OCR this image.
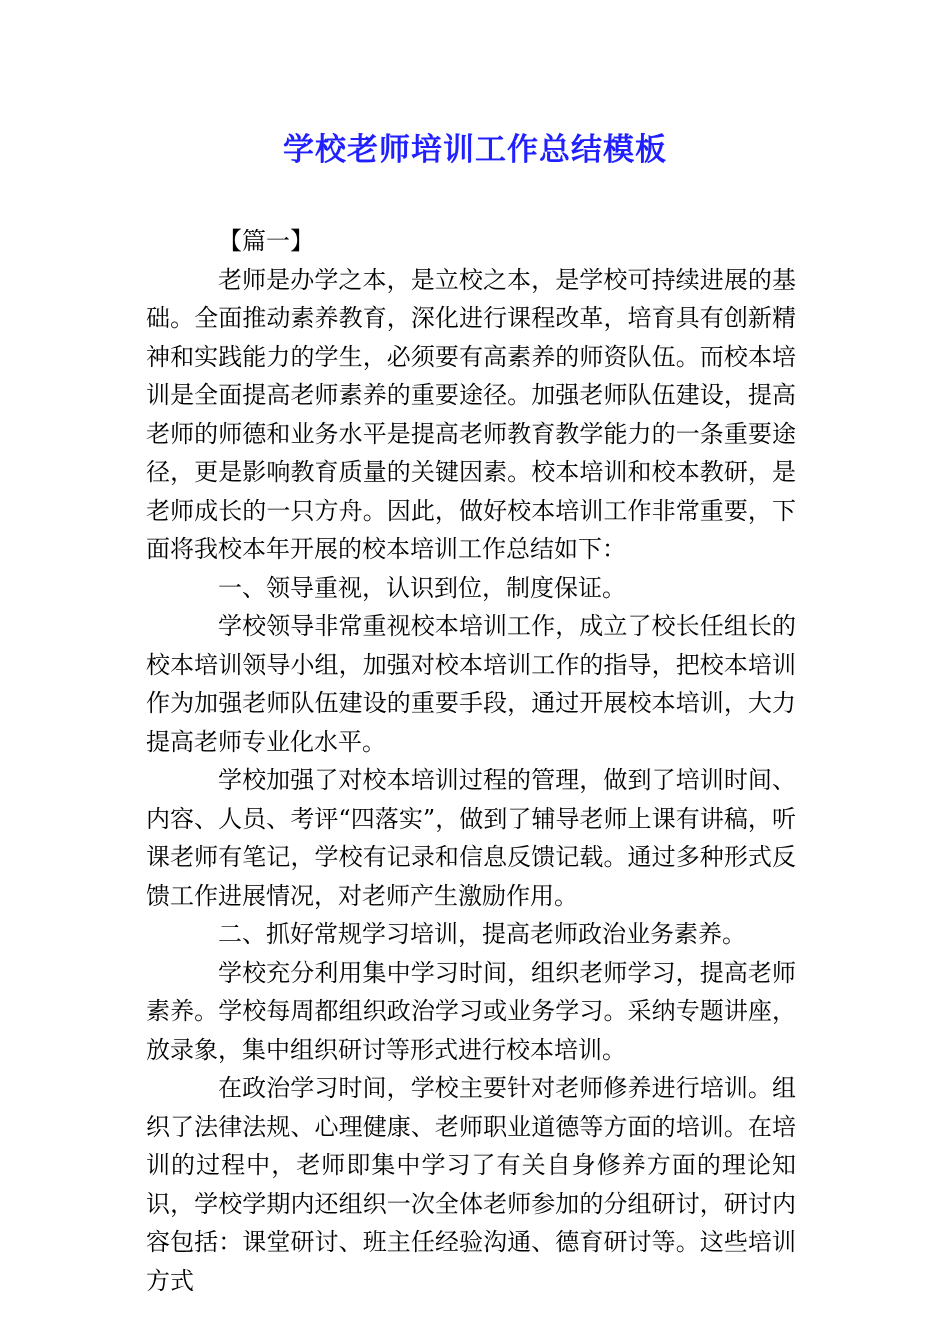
学校老师培训工作总结模板

【篇一】

老师是办学之本，是立校之本，是学校可持续进展的基础。全面推动素养教育，深化进行课程改革，培育具有创新精神和实践能力的学生，必须要有高素养的师资队伍。而校本培训是全面提高老师素养的重要途径。加强老师队伍建设，提高老师的师德和业务水平是提高老师教育教学能力的一条重要途径，更是影响教育质量的关键因素。校本培训和校本教研，是老师成长的一只方舟。因此，做好校本培训工作非常重要，下面将我校本年开展的校本培训工作总结如下：

一、领导重视，认识到位，制度保证。

学校领导非常重视校本培训工作，成立了校长任组长的校本培训领导小组，加强对校本培训工作的指导，把校本培训作为加强老师队伍建设的重要手段，通过开展校本培训，大力提高老师专业化水平。

学校加强了对校本培训过程的管理，做到了培训时间、内容、人员、考评“四落实”，做到了辅导老师上课有讲稿，听课老师有笔记，学校有记录和信息反馈记载。通过多种形式反馈工作进展情况，对老师产生激励作用。

二、抓好常规学习培训，提高老师政治业务素养。

学校充分利用集中学习时间，组织老师学习，提高老师素养。学校每周都组织政治学习或业务学习。采纳专题讲座，放录象，集中组织研讨等形式进行校本培训。

在政治学习时间，学校主要针对老师修养进行培训。组织了法律法规、心理健康、老师职业道德等方面的培训。在培训的过程中，老师即集中学习了有关自身修养方面的理论知识，学校学期内还组织一次全体老师参加的分组研讨，研讨内容包括：课堂研讨、班主任经验沟通、德育研讨等。这些培训方式
